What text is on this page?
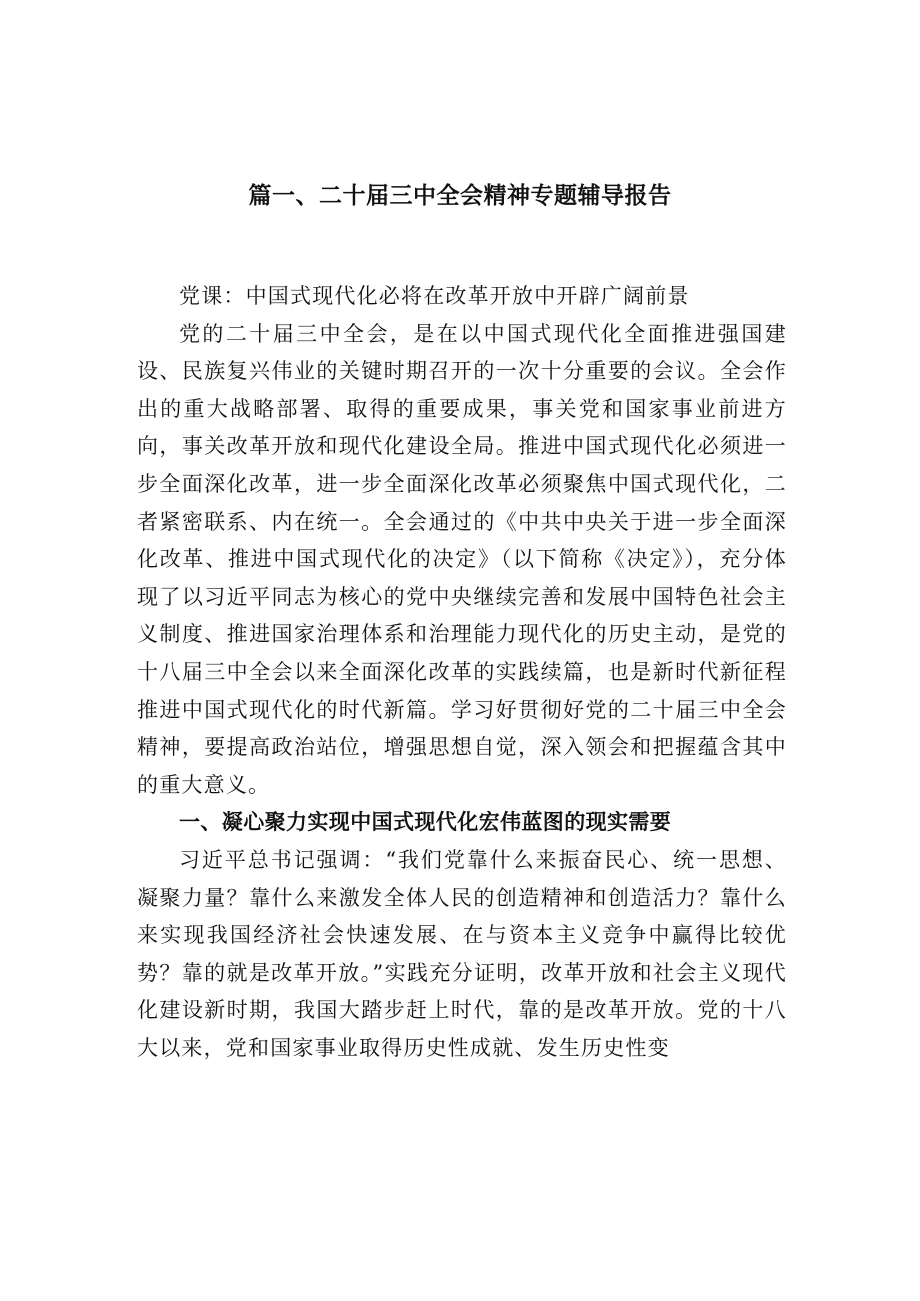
篇一、二十届三中全会精神专题辅导报告

党课：中国式现代化必将在改革开放中开辟广阔前景

党的二十届三中全会，是在以中国式现代化全面推进强国建设、民族复兴伟业的关键时期召开的一次十分重要的会议。全会作出的重大战略部署、取得的重要成果，事关党和国家事业前进方向，事关改革开放和现代化建设全局。推进中国式现代化必须进一步全面深化改革，进一步全面深化改革必须聚焦中国式现代化，二者紧密联系、内在统一。全会通过的《中共中央关于进一步全面深化改革、推进中国式现代化的决定》（以下简称《决定》），充分体现了以习近平同志为核心的党中央继续完善和发展中国特色社会主义制度、推进国家治理体系和治理能力现代化的历史主动，是党的十八届三中全会以来全面深化改革的实践续篇，也是新时代新征程推进中国式现代化的时代新篇。学习好贯彻好党的二十届三中全会精神，要提高政治站位，增强思想自觉，深入领会和把握蕴含其中的重大意义。

一、凝心聚力实现中国式现代化宏伟蓝图的现实需要

习近平总书记强调：“我们党靠什么来振奋民心、统一思想、凝聚力量？靠什么来激发全体人民的创造精神和创造活力？靠什么来实现我国经济社会快速发展、在与资本主义竞争中赢得比较优势？靠的就是改革开放。”实践充分证明，改革开放和社会主义现代化建设新时期，我国大踏步赶上时代，靠的是改革开放。党的十八大以来，党和国家事业取得历史性成就、发生历史性变
